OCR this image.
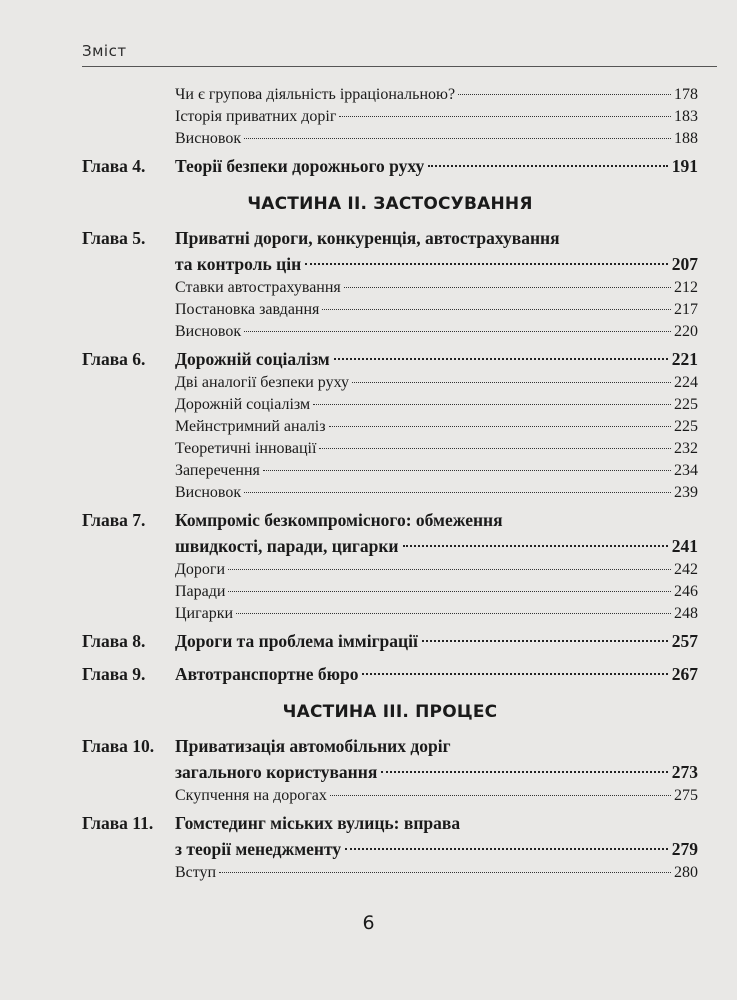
Зміст
Чи є групова діяльність ірраціональною?	178
Історія приватних доріг	183
Висновок	188
Глава 4.	Теорії безпеки дорожнього руху	191
ЧАСТИНА II. ЗАСТОСУВАННЯ
Глава 5.	Приватні дороги, конкуренція, автострахування
та контроль цін	207
Ставки автострахування	212
Постановка завдання	217
Висновок	220
Глава 6.	Дорожній соціалізм	221
Дві аналогії безпеки руху	224
Дорожній соціалізм	225
Мейнстримний аналіз	225
Теоретичні інновації	232
Заперечення	234
Висновок	239
Глава 7.	Компроміс безкомпромісного: обмеження
швидкості, паради, цигарки	241
Дороги	242
Паради	246
Цигарки	248
Глава 8.	Дороги та проблема імміграції	257
Глава 9.	Автотранспортне бюро	267
ЧАСТИНА III. ПРОЦЕС
Глава 10.	Приватизація автомобільних доріг
загального користування	273
Скупчення на дорогах	275
Глава 11.	Гомстединг міських вулиць: вправа
з теорії менеджменту	279
Вступ	280
6
